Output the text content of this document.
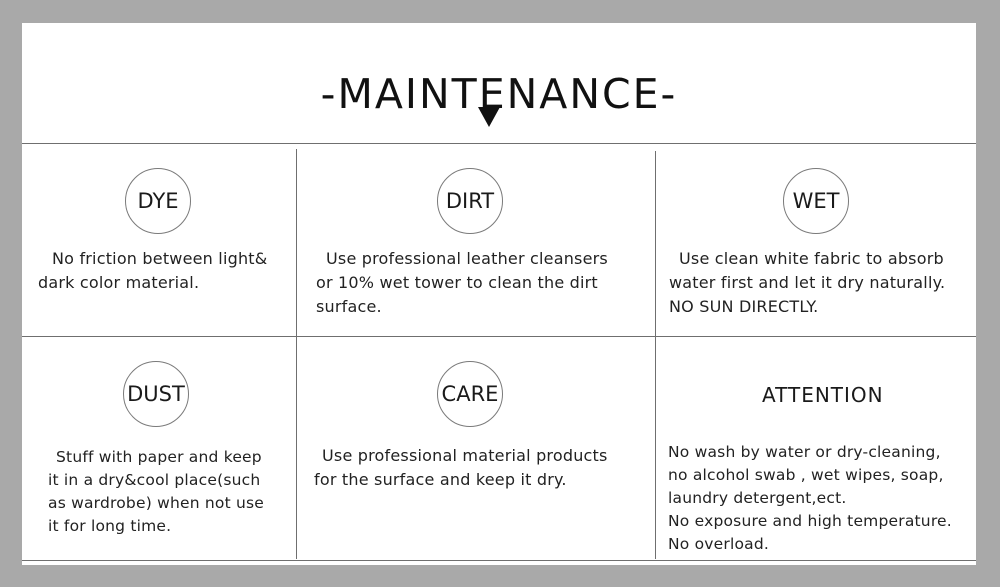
-MAINTENANCE-
DYE
No friction between light&
dark color material.
DIRT
Use professional leather cleansers
or 10% wet tower to clean the dirt
surface.
WET
Use clean white fabric to absorb
water first and let it dry naturally.
NO SUN DIRECTLY.
DUST
Stuff with paper and keep
it in a dry&cool place(such
as wardrobe) when not use
it for long time.
CARE
Use professional material products
for the surface and keep it dry.
ATTENTION
No wash by water or dry-cleaning,
no alcohol swab , wet wipes, soap,
laundry detergent,ect.
No exposure and high temperature.
No overload.
